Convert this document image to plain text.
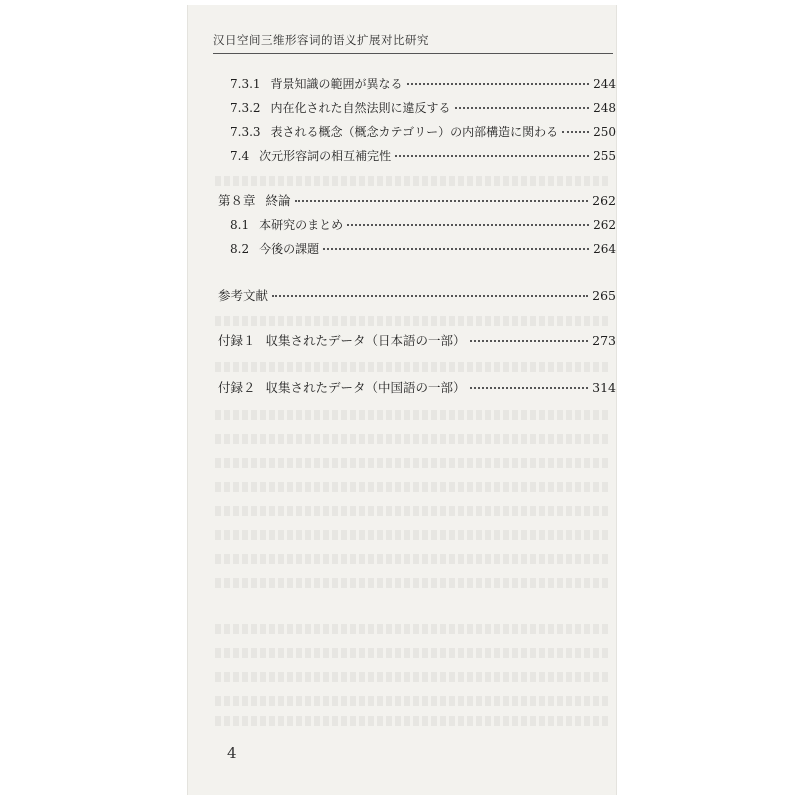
汉日空间三维形容词的语义扩展对比研究
7.3.1 背景知識の範囲が異なる	244
7.3.2 内在化された自然法則に違反する	248
7.3.3 表される概念（概念カテゴリー）の内部構造に関わる	250
7.4 次元形容詞の相互補完性	255
第８章 終論	262
8.1 本研究のまとめ	262
8.2 今後の課題	264
参考文献	265
付録１ 収集されたデータ（日本語の一部）	273
付録２ 収集されたデータ（中国語の一部）	314
4
